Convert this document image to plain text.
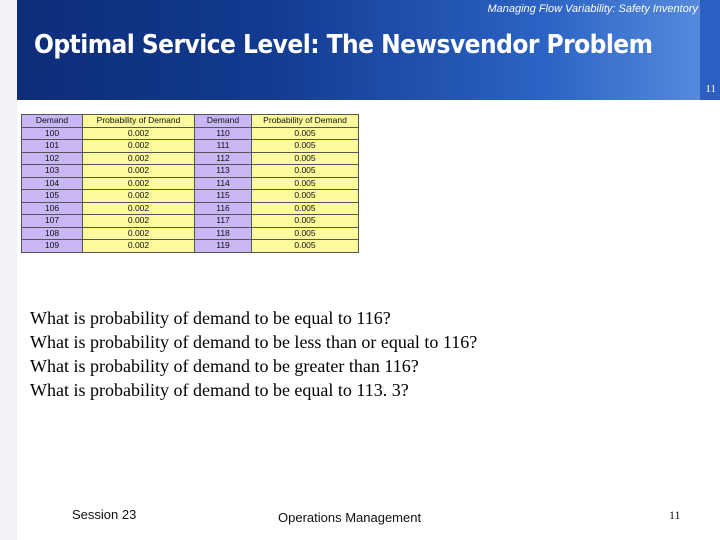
Managing Flow Variability: Safety Inventory
Optimal Service Level: The Newsvendor Problem
11
Demand	Probability of Demand	Demand	Probability of Demand
100	0.002	110	0.005
101	0.002	111	0.005
102	0.002	112	0.005
103	0.002	113	0.005
104	0.002	114	0.005
105	0.002	115	0.005
106	0.002	116	0.005
107	0.002	117	0.005
108	0.002	118	0.005
109	0.002	119	0.005
What is probability of demand to be equal to 116?
What is probability of demand to be less than or equal to 116?
What is probability of demand to be greater than 116?
What is probability of demand to be equal to 113. 3?
Session 23	Operations Management	11
